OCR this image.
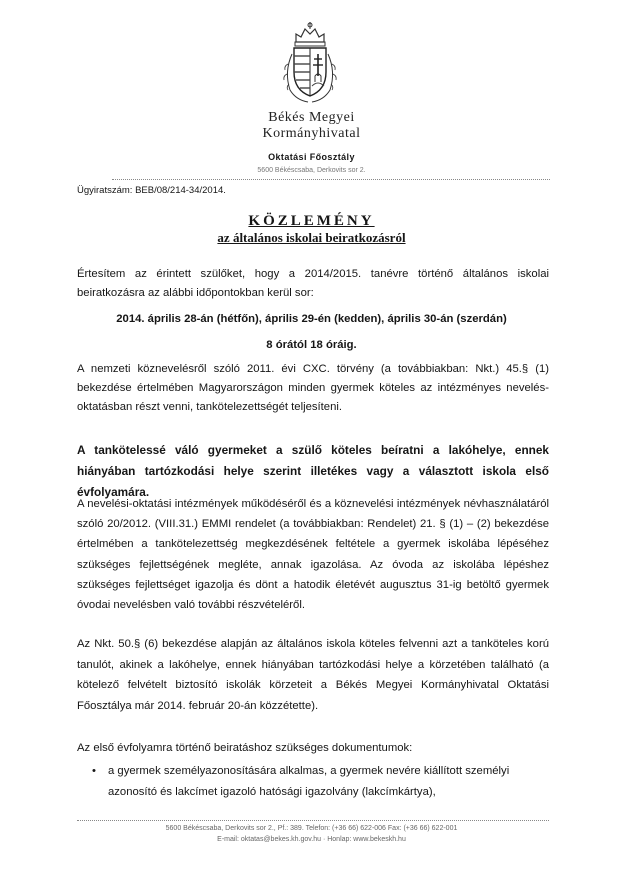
Békés Megyei
Kormányhivatal
Oktatási Főosztály
5600 Békéscsaba, Derkovits sor 2.
Ügyiratszám: BEB/08/214-34/2014.
KÖZLEMÉNY
az általános iskolai beiratkozásról
Értesítem az érintett szülőket, hogy a 2014/2015. tanévre történő általános iskolai beiratkozásra az alábbi időpontokban kerül sor:
2014. április 28-án (hétfőn), április 29-én (kedden), április 30-án (szerdán)
8 órától 18 óráig.
A nemzeti köznevelésről szóló 2011. évi CXC. törvény (a továbbiakban: Nkt.) 45.§ (1) bekezdése értelmében Magyarországon minden gyermek köteles az intézményes nevelés-oktatásban részt venni, tankötelezettségét teljesíteni.
A tankötelessé váló gyermeket a szülő köteles beíratni a lakóhelye, ennek hiányában tartózkodási helye szerint illetékes vagy a választott iskola első évfolyamára.
A nevelési-oktatási intézmények működéséről és a köznevelési intézmények névhasználatáról szóló 20/2012. (VIII.31.) EMMI rendelet (a továbbiakban: Rendelet) 21. § (1) – (2) bekezdése értelmében a tankötelezettség megkezdésének feltétele a gyermek iskolába lépéséhez szükséges fejlettségének megléte, annak igazolása. Az óvoda az iskolába lépéshez szükséges fejlettséget igazolja és dönt a hatodik életévét augusztus 31-ig betöltő gyermek óvodai nevelésben való további részvételéről.
Az Nkt. 50.§ (6) bekezdése alapján az általános iskola köteles felvenni azt a tanköteles korú tanulót, akinek a lakóhelye, ennek hiányában tartózkodási helye a körzetében található (a kötelező felvételt biztosító iskolák körzeteit a Békés Megyei Kormányhivatal Oktatási Főosztálya már 2014. február 20-án közzétette).
Az első évfolyamra történő beiratáshoz szükséges dokumentumok:
• a gyermek személyazonosítására alkalmas, a gyermek nevére kiállított személyi azonosító és lakcímet igazoló hatósági igazolvány (lakcímkártya),
5600 Békéscsaba, Derkovits sor 2., Pf.: 389. Telefon: (+36 66) 622-006 Fax: (+36 66) 622-001
E-mail: oktatas@bekes.kh.gov.hu · Honlap: www.bekeskh.hu
